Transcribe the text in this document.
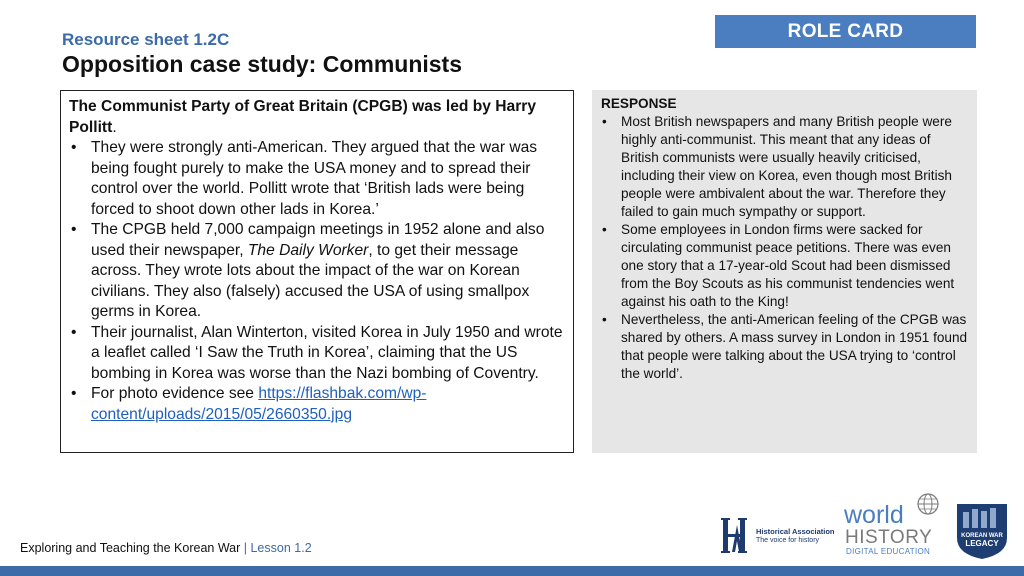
ROLE CARD
Resource sheet 1.2C
Opposition case study: Communists
The Communist Party of Great Britain (CPGB) was led by Harry Pollitt.
• They were strongly anti-American. They argued that the war was being fought purely to make the USA money and to spread their control over the world. Pollitt wrote that ‘British lads were being forced to shoot down other lads in Korea.’
• The CPGB held 7,000 campaign meetings in 1952 alone and also used their newspaper, The Daily Worker, to get their message across. They wrote lots about the impact of the war on Korean civilians. They also (falsely) accused the USA of using smallpox germs in Korea.
• Their journalist, Alan Winterton, visited Korea in July 1950 and wrote a leaflet called ‘I Saw the Truth in Korea’, claiming that the US bombing in Korea was worse than the Nazi bombing of Coventry.
• For photo evidence see https://flashbak.com/wp-content/uploads/2015/05/2660350.jpg
RESPONSE
• Most British newspapers and many British people were highly anti-communist. This meant that any ideas of British communists were usually heavily criticised, including their view on Korea, even though most British people were ambivalent about the war. Therefore they failed to gain much sympathy or support.
• Some employees in London firms were sacked for circulating communist peace petitions. There was even one story that a 17-year-old Scout had been dismissed from the Boy Scouts as his communist tendencies went against his oath to the King!
• Nevertheless, the anti-American feeling of the CPGB was shared by others. A mass survey in London in 1951 found that people were talking about the USA trying to ‘control the world’.
Historical Association
The voice for history
world
HISTORY
DIGITAL EDUCATION
KOREAN WAR
LEGACY
Exploring and Teaching the Korean War | Lesson 1.2
